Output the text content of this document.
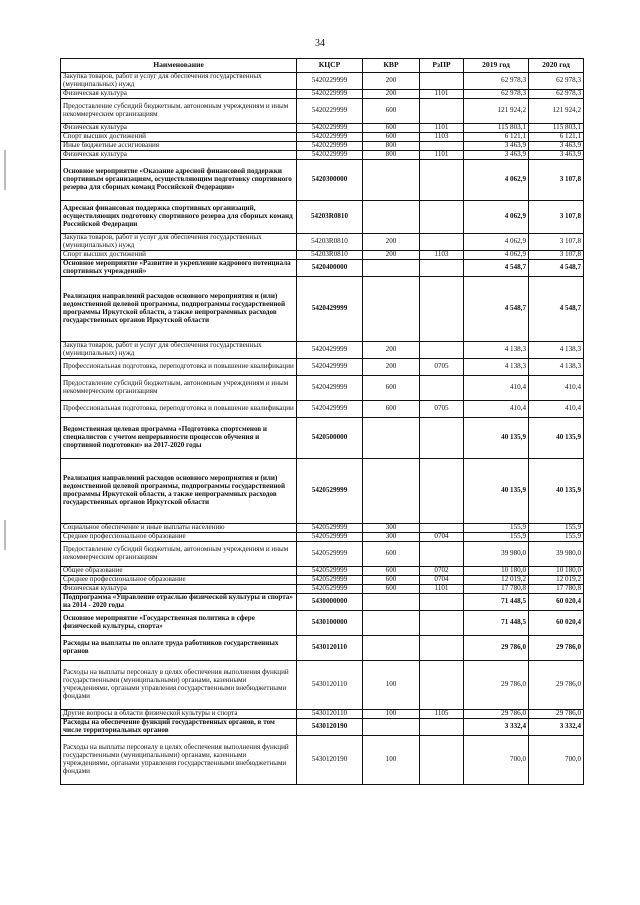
34
Наименование	КЦСР	КВР	РзПР	2019 год	2020 год
Закупка товаров, работ и услуг для обеспечения государственных (муниципальных) нужд	5420229999	200		62 978,3	62 978,3
Физическая культура	5420229999	200	1101	62 978,3	62 978,3
Предоставление субсидий бюджетным, автономным учреждениям и иным некоммерческим организациям	5420229999	600		121 924,2	121 924,2
Физическая культура	5420229999	600	1101	115 803,1	115 803,1
Спорт высших достижений	5420229999	600	1103	6 121,1	6 121,1
Иные бюджетные ассигнования	5420229999	800		3 463,9	3 463,9
Физическая культура	5420229999	800	1101	3 463,9	3 463,9
Основное мероприятие «Оказание адресной финансовой поддержки спортивным организациям, осуществляющим подготовку спортивного резерва для сборных команд Российской Федерации»	5420300000			4 062,9	3 107,8
Адресная финансовая поддержка спортивных организаций, осуществляющих подготовку спортивного резерва для сборных команд Российской Федерации	54203R0810			4 062,9	3 107,8
Закупка товаров, работ и услуг для обеспечения государственных (муниципальных) нужд	54203R0810	200		4 062,9	3 107,8
Спорт высших достижений	54203R0810	200	1103	4 062,9	3 107,8
Основное мероприятие «Развитие и укрепление кадрового потенциала спортивных учреждений»	5420400000			4 548,7	4 548,7
Реализация направлений расходов основного мероприятия и (или) ведомственной целевой программы, подпрограммы государственной программы Иркутской области, а также непрограммных расходов государственных органов Иркутской области	5420429999			4 548,7	4 548,7
Закупка товаров, работ и услуг для обеспечения государственных (муниципальных) нужд	5420429999	200		4 138,3	4 138,3
Профессиональная подготовка, переподготовка и повышение квалификации	5420429999	200	0705	4 138,3	4 138,3
Предоставление субсидий бюджетным, автономным учреждениям и иным некоммерческим организациям	5420429999	600		410,4	410,4
Профессиональная подготовка, переподготовка и повышение квалификации	5420429999	600	0705	410,4	410,4
Ведомственная целевая программа «Подготовка спортсменов и специалистов с учетом непрерывности процессов обучения и спортивной подготовки» на 2017-2020 годы	5420500000			40 135,9	40 135,9
Реализация направлений расходов основного мероприятия и (или) ведомственной целевой программы, подпрограммы государственной программы Иркутской области, а также непрограммных расходов государственных органов Иркутской области	5420529999			40 135,9	40 135,9
Социальное обеспечение и иные выплаты населению	5420529999	300		155,9	155,9
Среднее профессиональное образование	5420529999	300	0704	155,9	155,9
Предоставление субсидий бюджетным, автономным учреждениям и иным некоммерческим организациям	5420529999	600		39 980,0	39 980,0
Общее образование	5420529999	600	0702	10 180,0	10 180,0
Среднее профессиональное образование	5420529999	600	0704	12 019,2	12 019,2
Физическая культура	5420529999	600	1101	17 780,8	17 780,8
Подпрограмма «Управление отраслью физической культуры и спорта» на 2014 - 2020 годы	5430000000			71 448,5	60 020,4
Основное мероприятие «Государственная политика в сфере физической культуры, спорта»	5430100000			71 448,5	60 020,4
Расходы на выплаты по оплате труда работников государственных органов	5430120110			29 786,0	29 786,0
Расходы на выплаты персоналу в целях обеспечения выполнения функций государственными (муниципальными) органами, казенными учреждениями, органами управления государственными внебюджетными фондами	5430120110	100		29 786,0	29 786,0
Другие вопросы в области физической культуры и спорта	5430120110	100	1105	29 786,0	29 786,0
Расходы на обеспечение функций государственных органов, в том числе территориальных органов	5430120190			3 332,4	3 332,4
Расходы на выплаты персоналу в целях обеспечения выполнения функций государственными (муниципальными) органами, казенными учреждениями, органами управления государственными внебюджетными фондами	5430120190	100		700,0	700,0
